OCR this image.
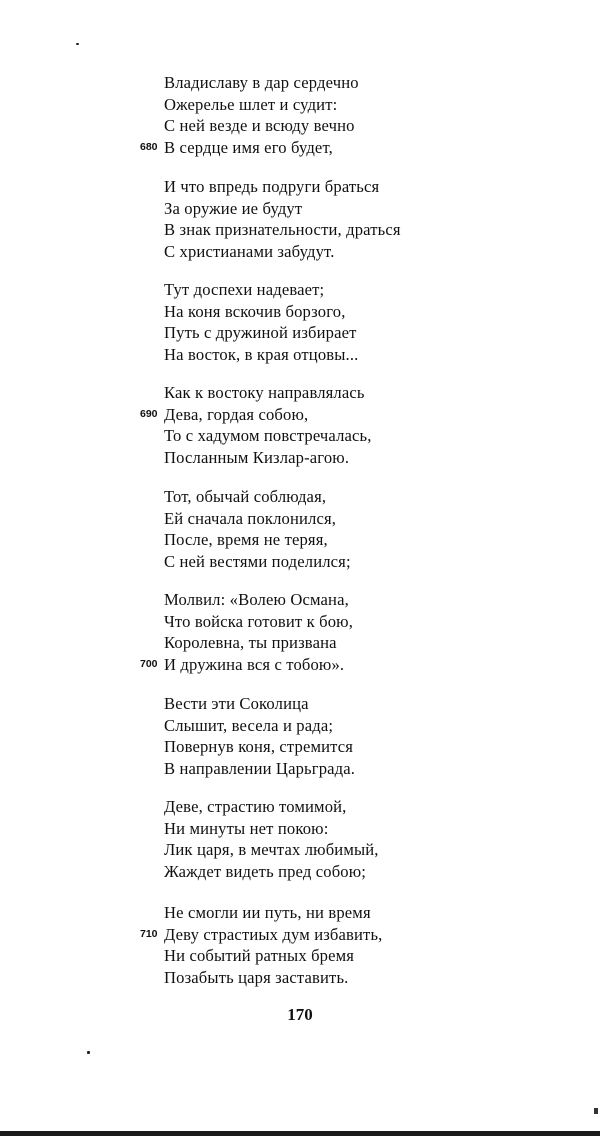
Владиславу в дар сердечно
Ожерелье шлет и судит:
С ней везде и всюду вечно
В сердце имя его будет,
680
И что впредь подруги браться
За оружие ие будут
В знак признательности, драться
С христианами забудут.
Тут доспехи надевает;
На коня вскочив борзого,
Путь с дружиной избирает
На восток, в края отцовы...
Как к востоку направлялась
Дева, гордая собою,
690
То с хадумом повстречалась,
Посланным Кизлар-агою.
Тот, обычай соблюдая,
Ей сначала поклонился,
После, время не теряя,
С ней вестями поделился;
Молвил: «Волею Османа,
Что войска готовит к бою,
Королевна, ты призвана
И дружина вся с тобою».
700
Вести эти Соколица
Слышит, весела и рада;
Повернув коня, стремится
В направлении Царьграда.
Деве, страстию томимой,
Ни минуты нет покою:
Лик царя, в мечтах любимый,
Жаждет видеть пред собою;
Не смогли ии путь, ни время
Деву страстиых дум избавить,
710
Ни событий ратных бремя
Позабыть царя заставить.
170
